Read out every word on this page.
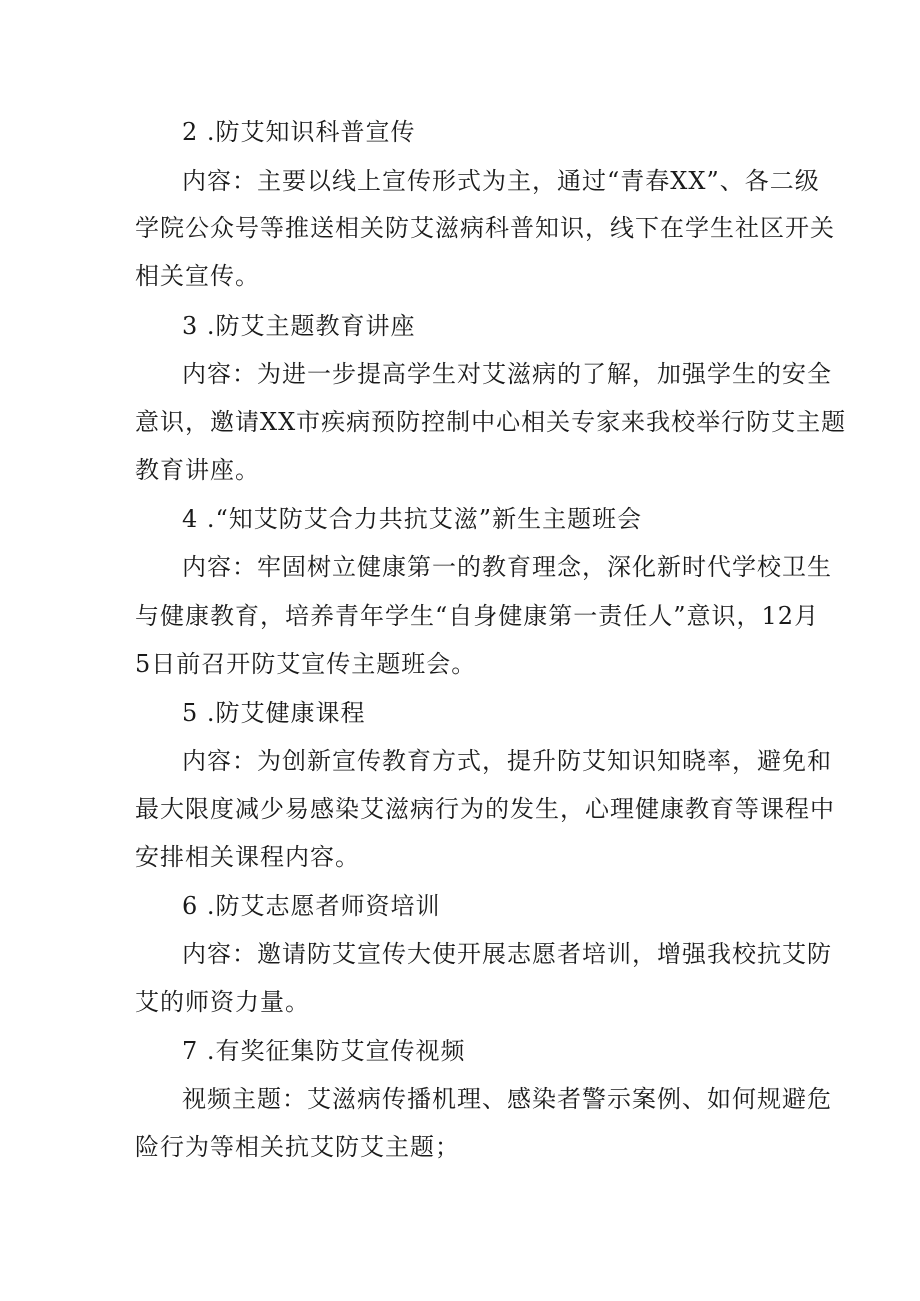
2 .防艾知识科普宣传
内容：主要以线上宣传形式为主，通过“青春XX”、各二级
学院公众号等推送相关防艾滋病科普知识，线下在学生社区开关
相关宣传。
3 .防艾主题教育讲座
内容：为进一步提高学生对艾滋病的了解，加强学生的安全
意识，邀请XX市疾病预防控制中心相关专家来我校举行防艾主题
教育讲座。
4 .“知艾防艾合力共抗艾滋”新生主题班会
内容：牢固树立健康第一的教育理念，深化新时代学校卫生
与健康教育，培养青年学生“自身健康第一责任人”意识，12月
5日前召开防艾宣传主题班会。
5 .防艾健康课程
内容：为创新宣传教育方式，提升防艾知识知晓率，避免和
最大限度减少易感染艾滋病行为的发生，心理健康教育等课程中
安排相关课程内容。
6 .防艾志愿者师资培训
内容：邀请防艾宣传大使开展志愿者培训，增强我校抗艾防
艾的师资力量。
7 .有奖征集防艾宣传视频
视频主题：艾滋病传播机理、感染者警示案例、如何规避危
险行为等相关抗艾防艾主题；
